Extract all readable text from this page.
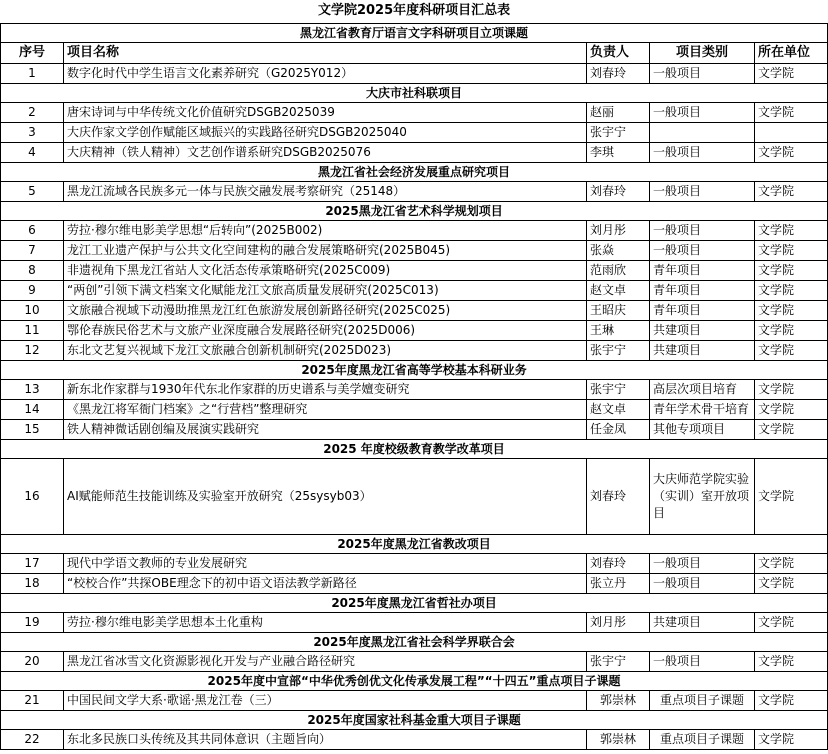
文学院2025年度科研项目汇总表				
黑龙江省教育厅语言文字科研项目立项课题				
序号	项目名称	负责人	项目类别	所在单位
1	数字化时代中学生语言文化素养研究（G2025Y012）	刘春玲	一般项目	文学院
大庆市社科联项目				
2	唐宋诗词与中华传统文化价值研究DSGB2025039	赵丽	一般项目	文学院
3	大庆作家文学创作赋能区域振兴的实践路径研究DSGB2025040	张宇宁		
4	大庆精神（铁人精神）文艺创作谱系研究DSGB2025076	李琪	一般项目	文学院
黑龙江省社会经济发展重点研究项目				
5	黑龙江流域各民族多元一体与民族交融发展考察研究（25148）	刘春玲	一般项目	文学院
2025黑龙江省艺术科学规划项目				
6	劳拉·穆尔维电影美学思想“后转向”(2025B002)	刘月彤	一般项目	文学院
7	龙江工业遗产保护与公共文化空间建构的融合发展策略研究(2025B045)	张焱	一般项目	文学院
8	非遗视角下黑龙江省站人文化活态传承策略研究(2025C009)	范雨欣	青年项目	文学院
9	“两创”引领下满文档案文化赋能龙江文旅高质量发展研究(2025C013)	赵文卓	青年项目	文学院
10	文旅融合视域下动漫助推黑龙江红色旅游发展创新路径研究(2025C025)	王昭庆	青年项目	文学院
11	鄂伦春族民俗艺术与文旅产业深度融合发展路径研究(2025D006)	王琳	共建项目	文学院
12	东北文艺复兴视域下龙江文旅融合创新机制研究(2025D023)	张宇宁	共建项目	文学院
2025年度黑龙江省高等学校基本科研业务				
13	新东北作家群与1930年代东北作家群的历史谱系与美学嬗变研究	张宇宁	高层次项目培育	文学院
14	《黑龙江将军衙门档案》之“行营档”整理研究	赵文卓	青年学术骨干培育	文学院
15	铁人精神微话剧创编及展演实践研究	任金凤	其他专项项目	文学院
2025 年度校级教育教学改革项目				
16	AI赋能师范生技能训练及实验室开放研究（25sysyb03）	刘春玲	大庆师范学院实验（实训）室开放项目	文学院
2025年度黑龙江省教改项目				
17	现代中学语文教师的专业发展研究	刘春玲	一般项目	文学院
18	“校校合作”共探OBE理念下的初中语文语法教学新路径	张立丹	一般项目	文学院
2025年度黑龙江省哲社办项目				
19	劳拉·穆尔维电影美学思想本土化重构	刘月彤	共建项目	文学院
2025年度黑龙江省社会科学界联合会				
20	黑龙江省冰雪文化资源影视化开发与产业融合路径研究	张宇宁	一般项目	文学院
2025年度中宣部“中华优秀创优文化传承发展工程”“十四五”重点项目子课题				
21	中国民间文学大系·歌谣·黑龙江卷（三）	郭崇林	重点项目子课题	文学院
2025年度国家社科基金重大项目子课题				
22	东北多民族口头传统及其共同体意识（主题旨向）	郭崇林	重点项目子课题	文学院
